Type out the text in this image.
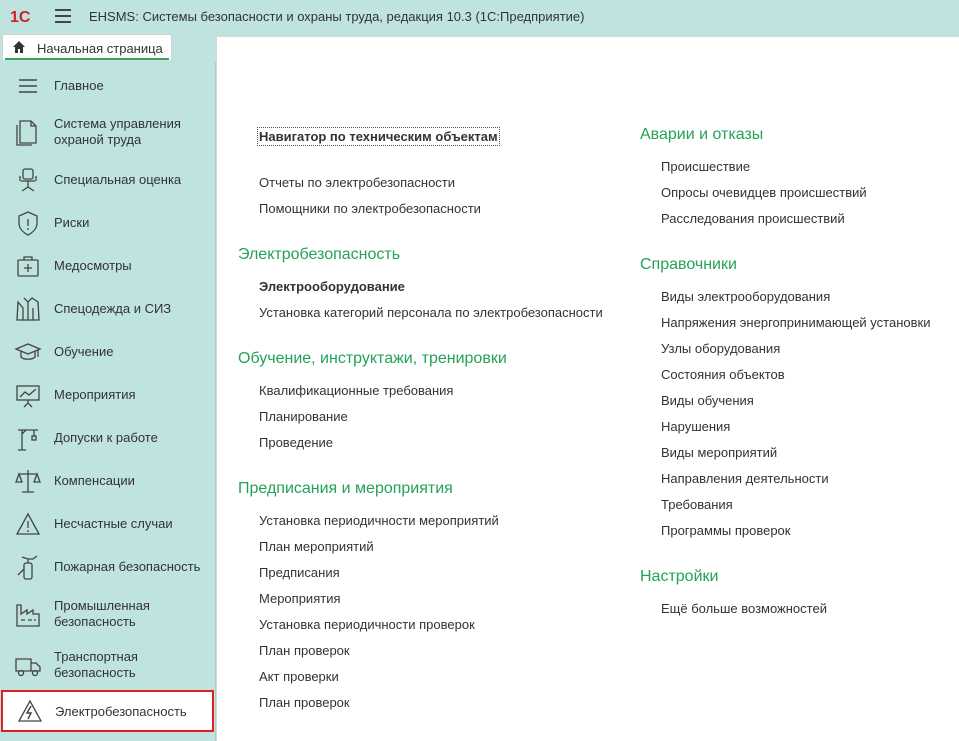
1С	EHSMS: Системы безопасности и охраны труда, редакция 10.3 (1С:Предприятие)
Начальная страница
Главное
Система управления охраной труда
Специальная оценка
Риски
Медосмотры
Спецодежда и СИЗ
Обучение
Мероприятия
Допуски к работе
Компенсации
Несчастные случаи
Пожарная безопасность
Промышленная безопасность
Транспортная безопасность
Электробезопасность
Навигатор по техническим объектам
Отчеты по электробезопасности
Помощники по электробезопасности
Электробезопасность
Электрооборудование
Установка категорий персонала по электробезопасности
Обучение, инструктажи, тренировки
Квалификационные требования
Планирование
Проведение
Предписания и мероприятия
Установка периодичности мероприятий
План мероприятий
Предписания
Мероприятия
Установка периодичности проверок
План проверок
Акт проверки
План проверок
Аварии и отказы
Происшествие
Опросы очевидцев происшествий
Расследования происшествий
Справочники
Виды электрооборудования
Напряжения энергопринимающей установки
Узлы оборудования
Состояния объектов
Виды обучения
Нарушения
Виды мероприятий
Направления деятельности
Требования
Программы проверок
Настройки
Ещё больше возможностей
